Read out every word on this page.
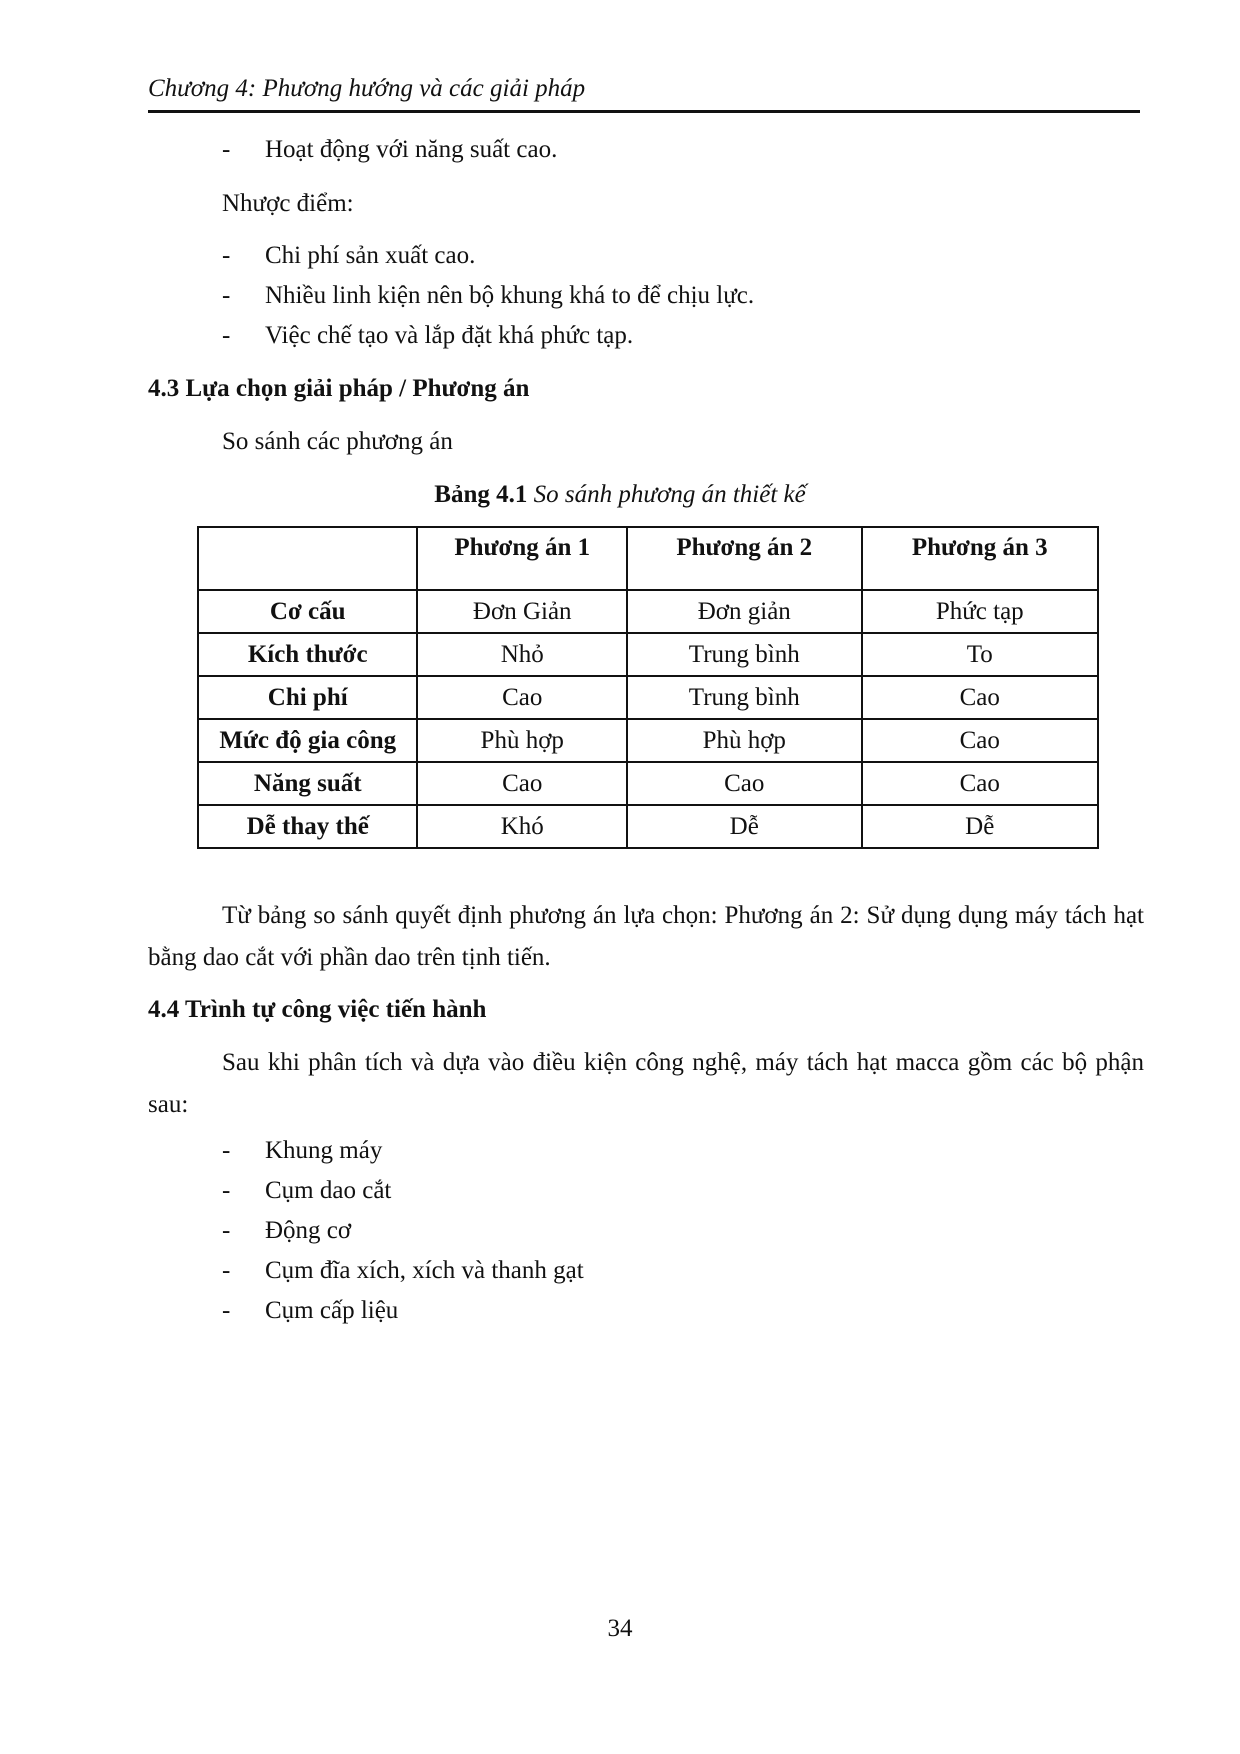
Chương 4: Phương hướng và các giải pháp
- Hoạt động với năng suất cao.
Nhược điểm:
- Chi phí sản xuất cao.
- Nhiều linh kiện nên bộ khung khá to để chịu lực.
- Việc chế tạo và lắp đặt khá phức tạp.
4.3 Lựa chọn giải pháp / Phương án
So sánh các phương án
Bảng 4.1 So sánh phương án thiết kế
	Phương án 1	Phương án 2	Phương án 3
Cơ cấu	Đơn Giản	Đơn giản	Phức tạp
Kích thước	Nhỏ	Trung bình	To
Chi phí	Cao	Trung bình	Cao
Mức độ gia công	Phù hợp	Phù hợp	Cao
Năng suất	Cao	Cao	Cao
Dễ thay thế	Khó	Dễ	Dễ
Từ bảng so sánh quyết định phương án lựa chọn: Phương án 2: Sử dụng dụng máy tách hạt bằng dao cắt với phần dao trên tịnh tiến.
4.4 Trình tự công việc tiến hành
Sau khi phân tích và dựa vào điều kiện công nghệ, máy tách hạt macca gồm các bộ phận sau:
- Khung máy
- Cụm dao cắt
- Động cơ
- Cụm đĩa xích, xích và thanh gạt
- Cụm cấp liệu
34
